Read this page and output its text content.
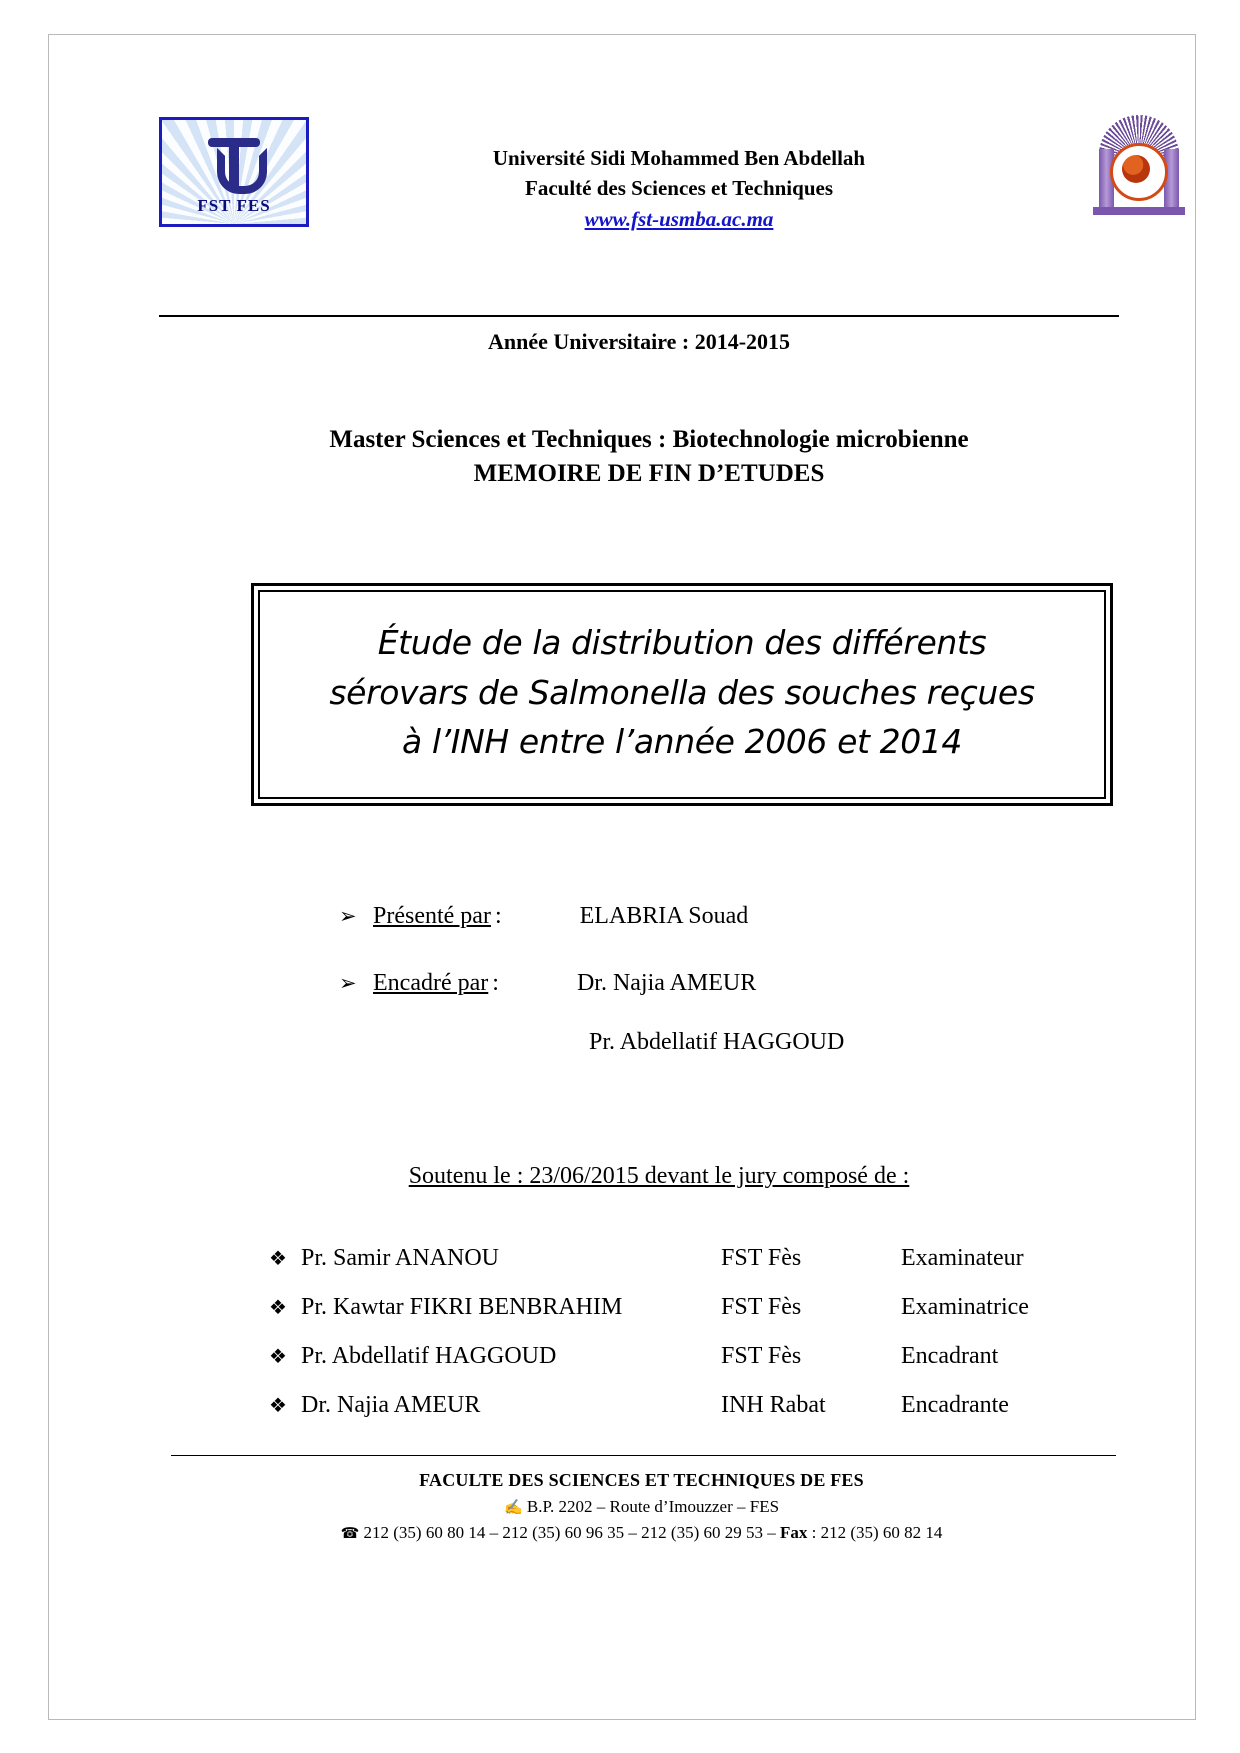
FST FES
Université Sidi Mohammed Ben Abdellah
Faculté des Sciences et Techniques
www.fst-usmba.ac.ma
Année Universitaire : 2014-2015
Master Sciences et Techniques : Biotechnologie microbienne
MEMOIRE DE FIN D’ETUDES
Étude de la distribution des différents
sérovars de Salmonella des souches reçues
à l’INH entre l’année 2006 et 2014
➢ Présenté par :	ELABRIA Souad
➢ Encadré par :	Dr. Najia AMEUR
Pr. Abdellatif HAGGOUD
Soutenu le : 23/06/2015 devant le jury composé de :
❖ Pr. Samir ANANOU	FST Fès	Examinateur
❖ Pr. Kawtar FIKRI BENBRAHIM	FST Fès	Examinatrice
❖ Pr. Abdellatif HAGGOUD	FST Fès	Encadrant
❖ Dr. Najia AMEUR	INH Rabat	Encadrante
FACULTE DES SCIENCES ET TECHNIQUES DE FES
✍ B.P. 2202 – Route d’Imouzzer – FES
☎ 212 (35) 60 80 14 – 212 (35) 60 96 35 – 212 (35) 60 29 53 – Fax : 212 (35) 60 82 14
